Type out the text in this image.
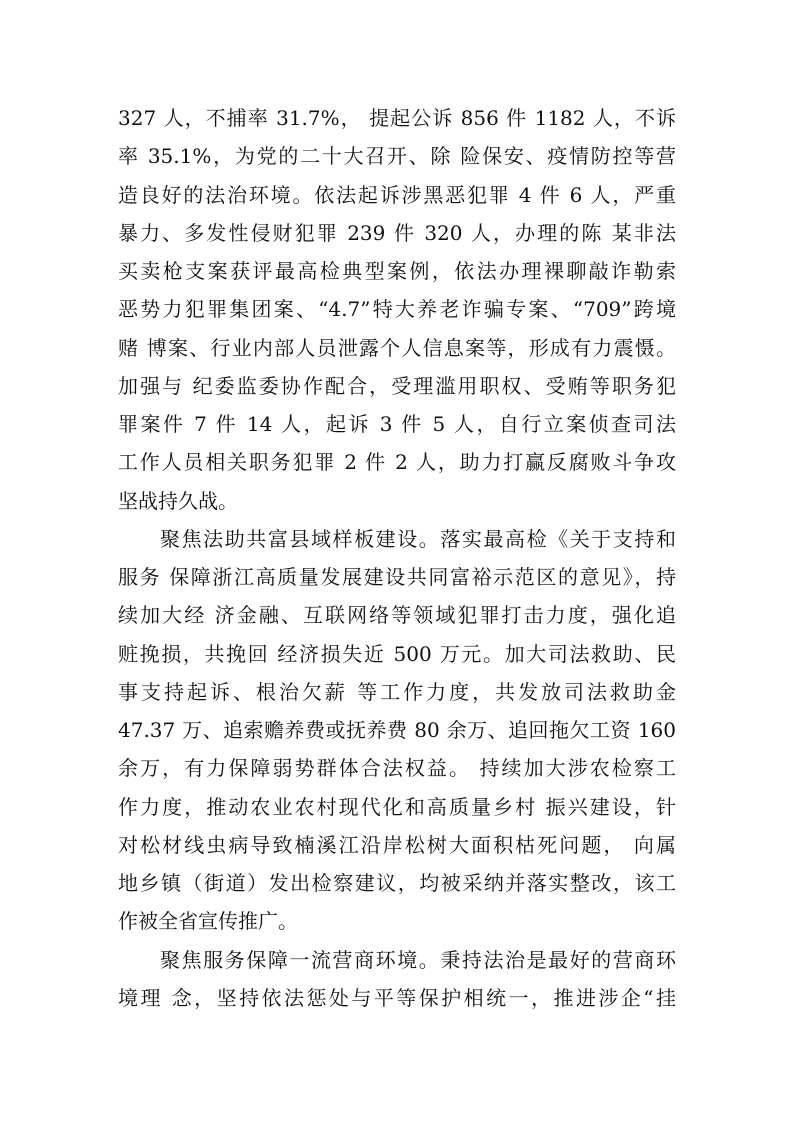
327 人，不捕率 31.7%， 提起公诉 856 件 1182 人，不诉
率 35.1%，为党的二十大召开、除 险保安、疫情防控等营
造良好的法治环境。依法起诉涉黑恶犯罪 4 件 6 人，严重
暴力、多发性侵财犯罪 239 件 320 人，办理的陈 某非法
买卖枪支案获评最高检典型案例，依法办理裸聊敲诈勒索
恶势力犯罪集团案、“4.7”特大养老诈骗专案、“709”跨境
赌 博案、行业内部人员泄露个人信息案等，形成有力震慑。
加强与 纪委监委协作配合，受理滥用职权、受贿等职务犯
罪案件 7 件 14 人，起诉 3 件 5 人，自行立案侦查司法
工作人员相关职务犯罪 2 件 2 人，助力打赢反腐败斗争攻
坚战持久战。
聚焦法助共富县域样板建设。落实最高检《关于支持和
服务 保障浙江高质量发展建设共同富裕示范区的意见》，持
续加大经 济金融、互联网络等领域犯罪打击力度，强化追
赃挽损，共挽回 经济损失近 500 万元。加大司法救助、民
事支持起诉、根治欠薪 等工作力度，共发放司法救助金
47.37 万、追索赡养费或抚养费 80 余万、追回拖欠工资 160
余万，有力保障弱势群体合法权益。 持续加大涉农检察工
作力度，推动农业农村现代化和高质量乡村 振兴建设，针
对松材线虫病导致楠溪江沿岸松树大面积枯死问题， 向属
地乡镇（街道）发出检察建议，均被采纳并落实整改，该工
作被全省宣传推广。
聚焦服务保障一流营商环境。秉持法治是最好的营商环
境理 念，坚持依法惩处与平等保护相统一，推进涉企“挂
